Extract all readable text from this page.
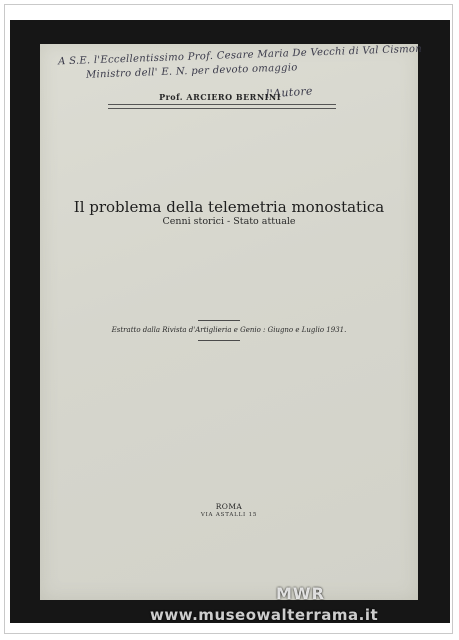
A S.E. l'Eccellentissimo Prof. Cesare Maria De Vecchi di Val Cismon
Ministro dell' E. N. per devoto omaggio
l'Autore
Prof. ARCIERO BERNINI
Il problema della telemetria monostatica
Cenni storici - Stato attuale
Estratto dalla Rivista d'Artiglieria e Genio : Giugno e Luglio 1931.
ROMA
VIA ASTALLI 15
MWR
www.museowalterrama.it
